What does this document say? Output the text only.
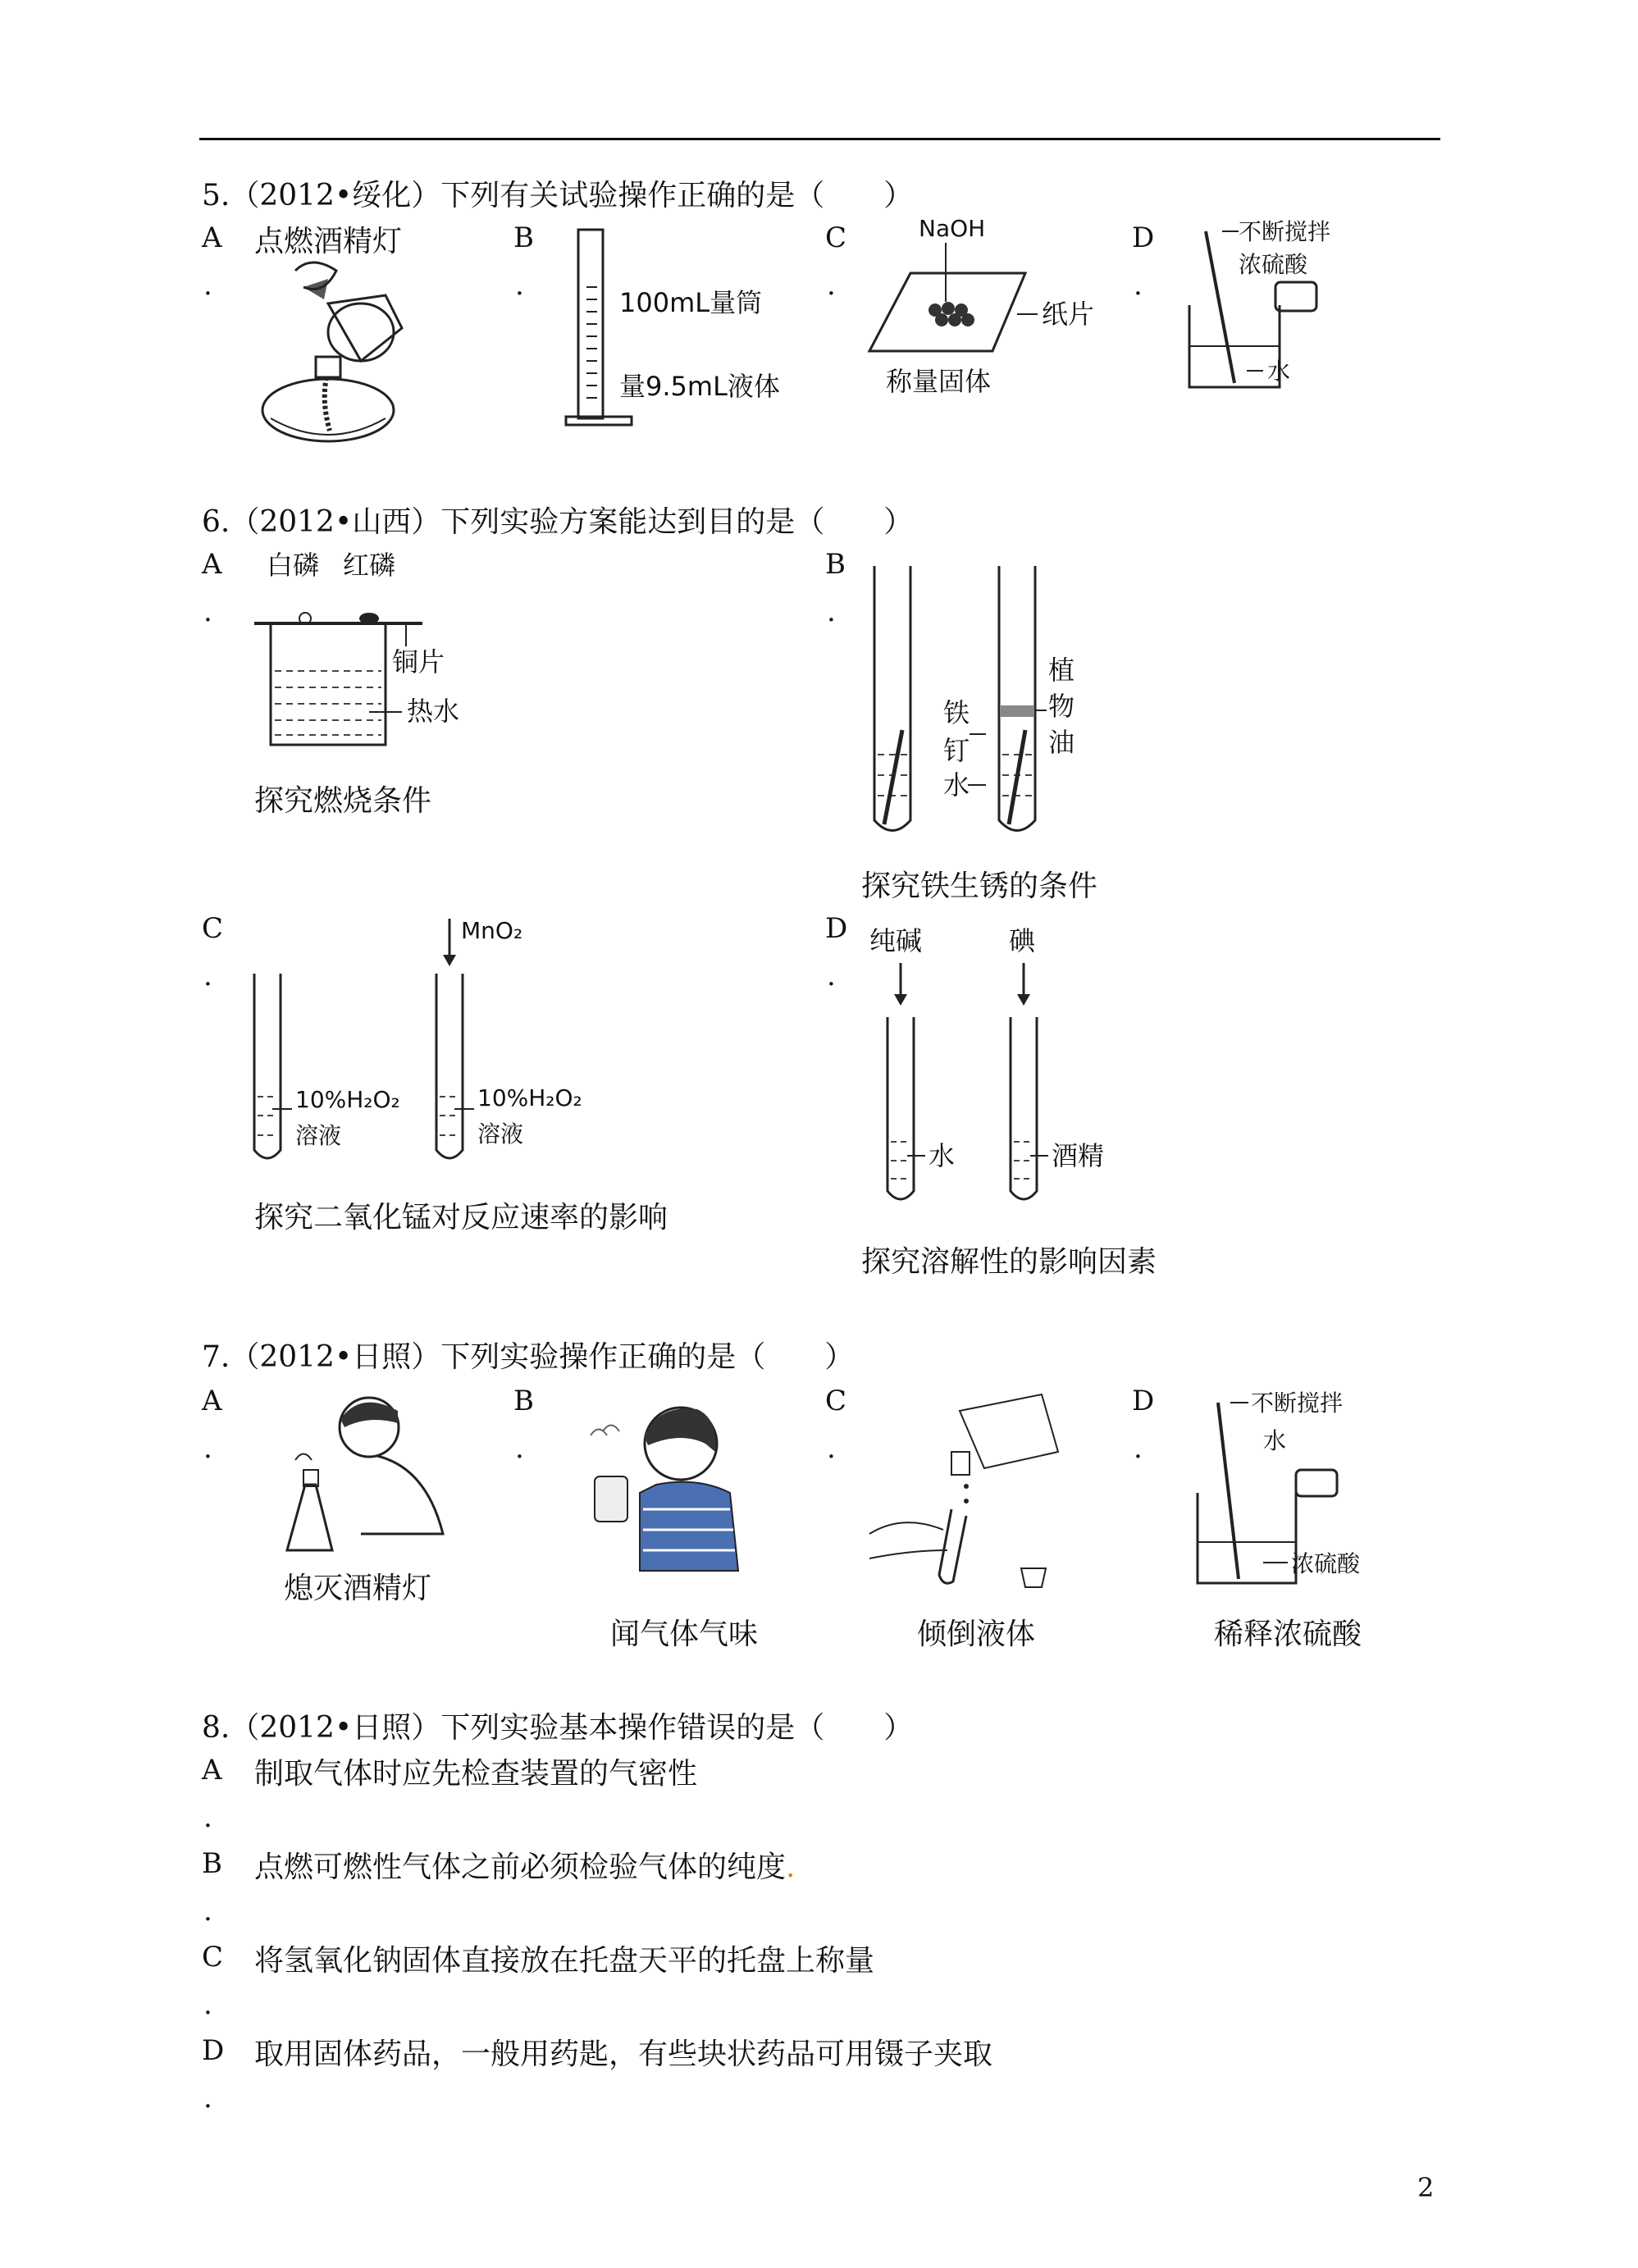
5.（2012•绥化）下列有关试验操作正确的是（　　）
A
.
点燃酒精灯	B
.
100mL量筒
量9.5mL液体
C
.
NaOH
纸片
称量固体
D
.
不断搅拌
浓硫酸
水
6.（2012•山西）下列实验方案能达到目的是（　　）
A
.
白磷 红磷
铜片
热水
探究燃烧条件
B
.
植
物
油
铁
钉
水
探究铁生锈的条件
C
.
MnO₂
10%H₂O₂
溶液
10%H₂O₂
溶液
探究二氧化锰对反应速率的影响
D
.
纯碱	碘
水	酒精
探究溶解性的影响因素
7.（2012•日照）下列实验操作正确的是（　　）
A
.
熄灭酒精灯
B
.
闻气体气味
C
.
倾倒液体
D
.
不断搅拌
水
浓硫酸
稀释浓硫酸
8.（2012•日照）下列实验基本操作错误的是（　　）
A
.
制取气体时应先检查装置的气密性
B
.
点燃可燃性气体之前必须检验气体的纯度.
C
.
将氢氧化钠固体直接放在托盘天平的托盘上称量
D
.
取用固体药品，一般用药匙，有些块状药品可用镊子夹取
2
